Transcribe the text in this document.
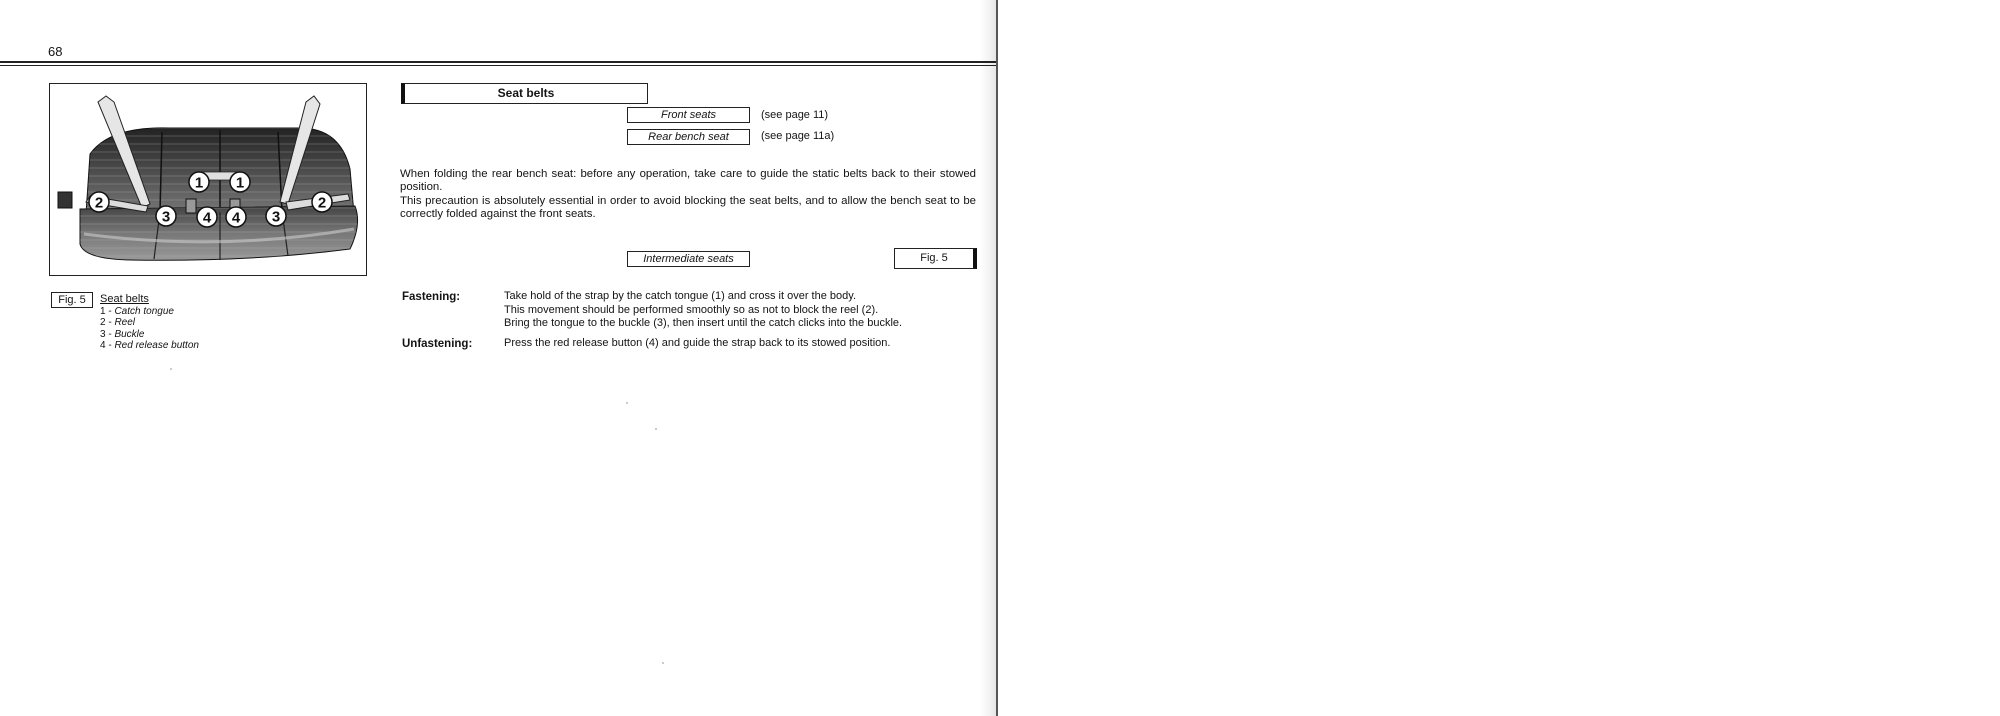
68
1 1
2	2
3	3
4 4
Fig. 5	Seat belts
1 - Catch tongue
2 - Reel
3 - Buckle
4 - Red release button
Seat belts
Front seats	(see page 11)
Rear bench seat	(see page 11a)

When folding the rear bench seat: before any operation, take care to guide the static belts back to their stowed position.

This precaution is absolutely essential in order to avoid blocking the seat belts, and to allow the bench seat to be correctly folded against the front seats.

Intermediate seats	Fig. 5
Fastening:	Take hold of the strap by the catch tongue (1) and cross it over the body.
This movement should be performed smoothly so as not to block the reel (2).
Bring the tongue to the buckle (3), then insert until the catch clicks into the buckle.
Unfastening:	Press the red release button (4) and guide the strap back to its stowed position.
